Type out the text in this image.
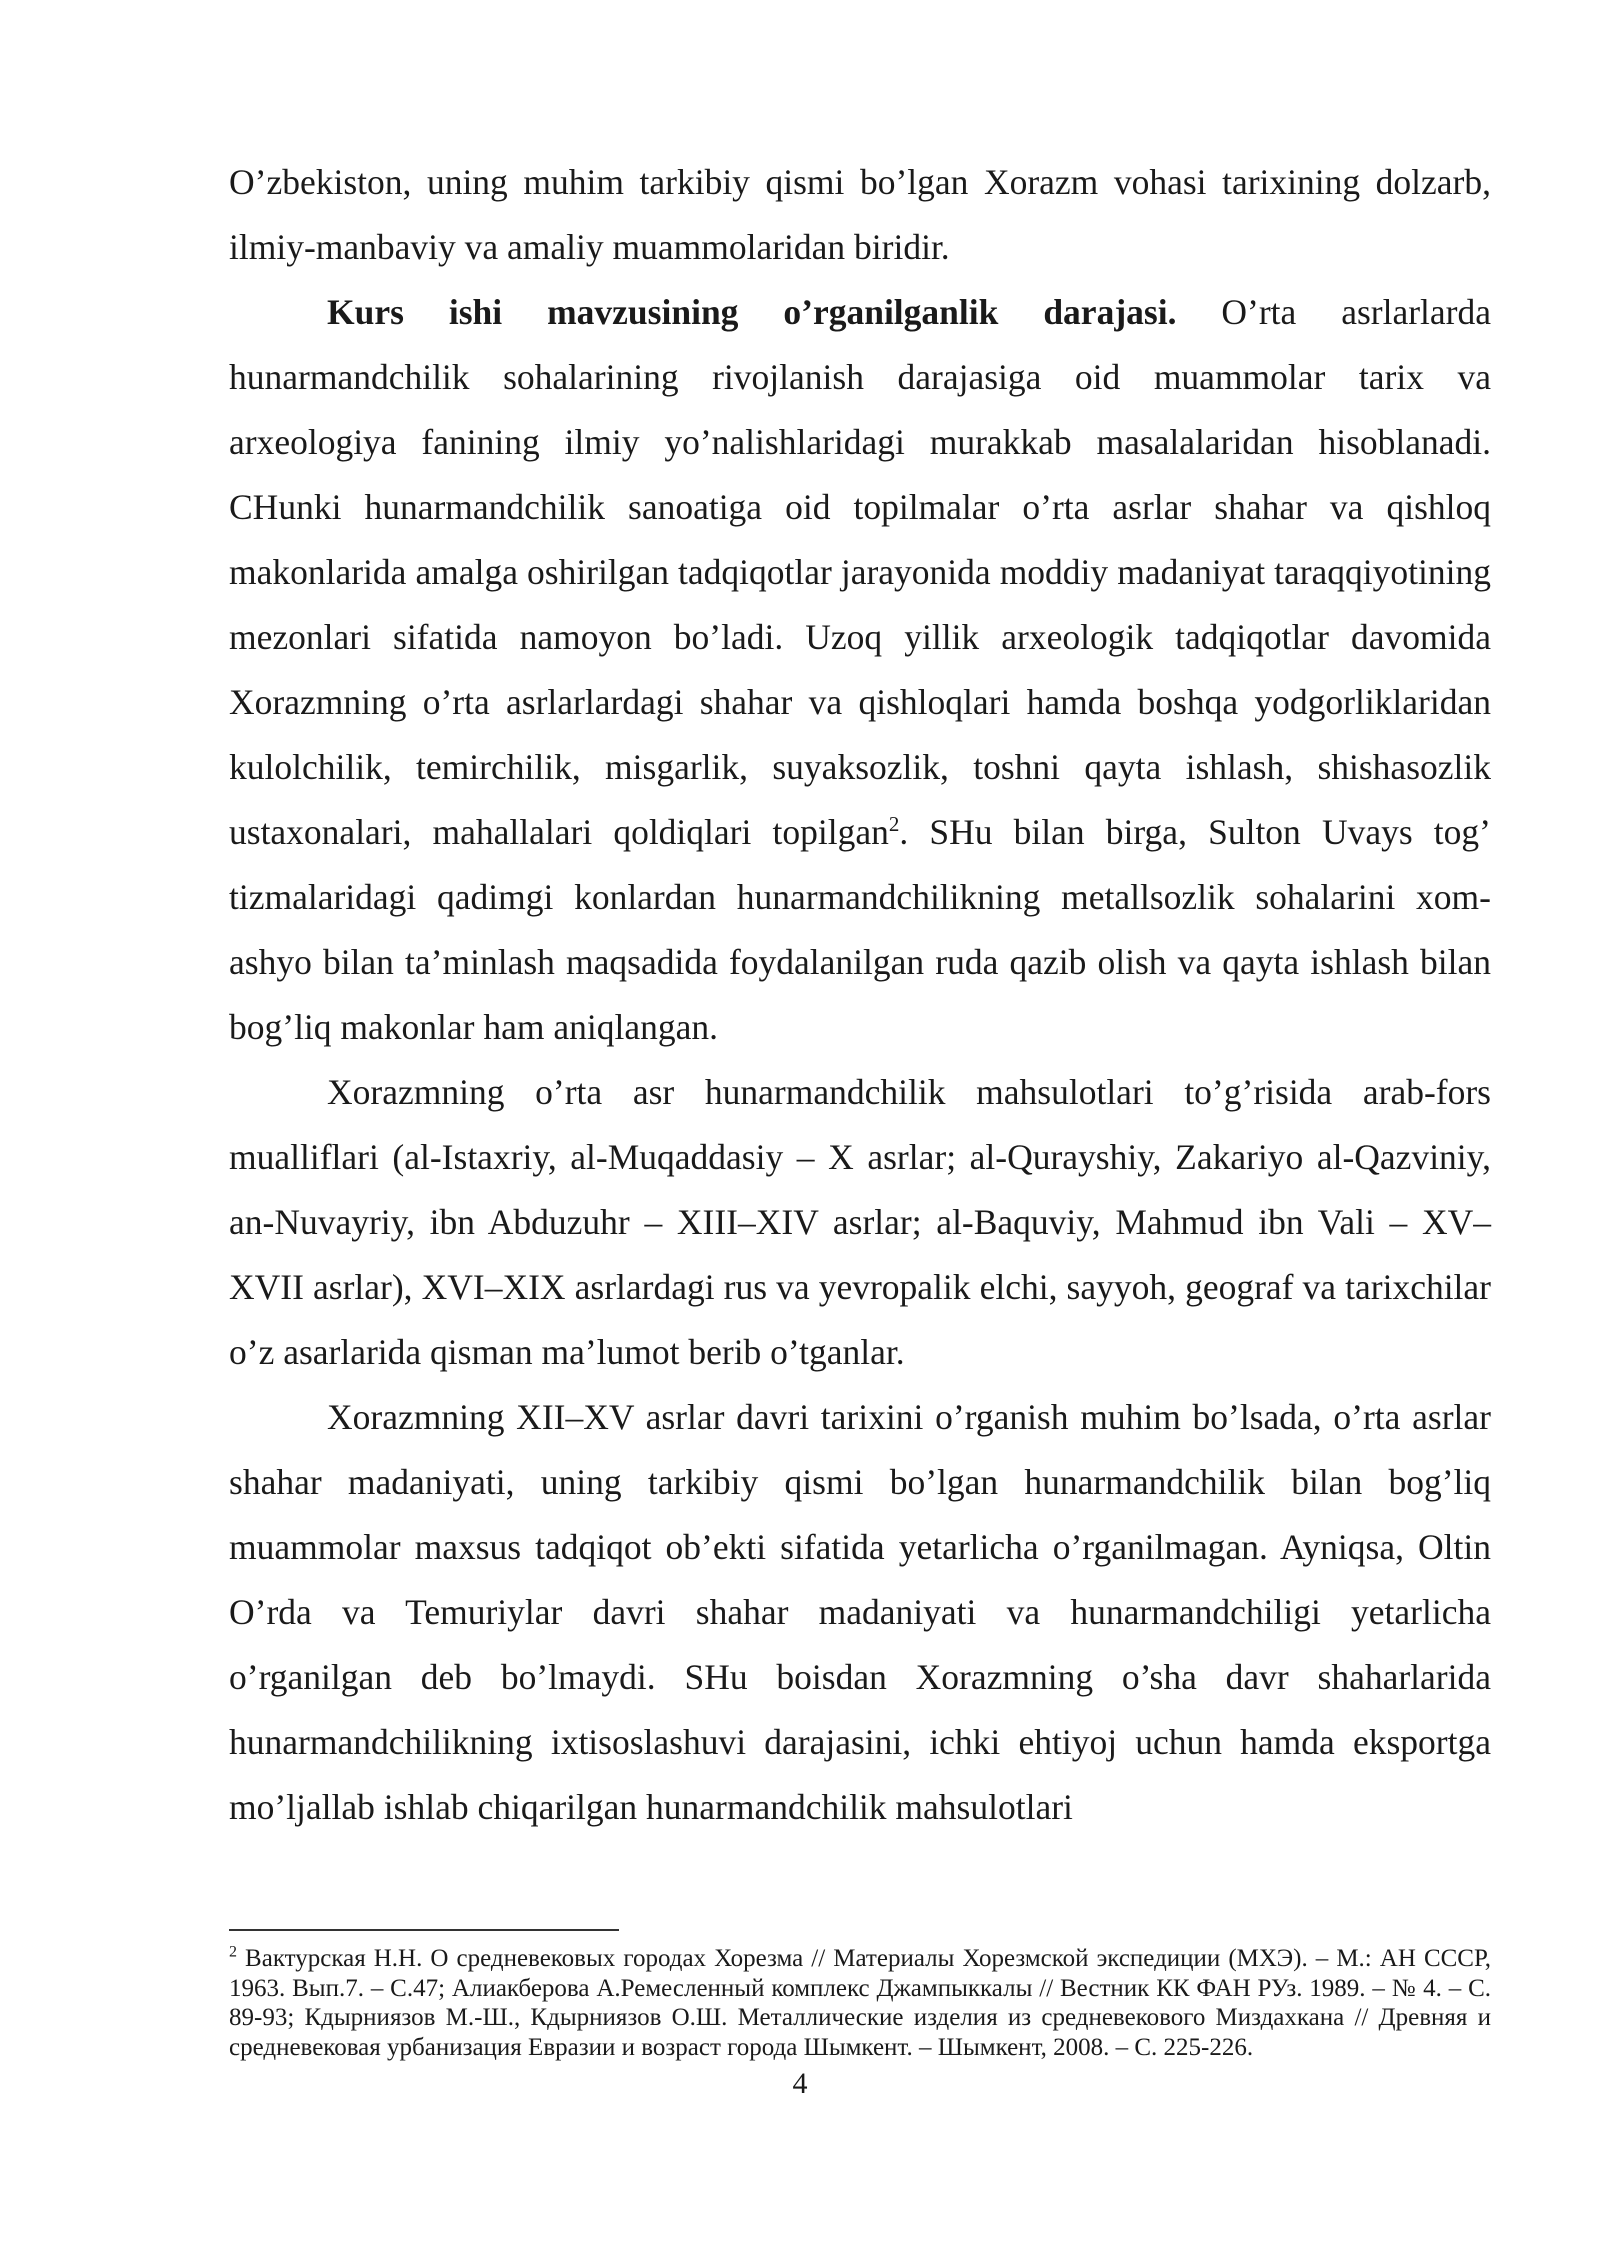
O’zbekiston, uning muhim tarkibiy qismi bo’lgan Xorazm vohasi tarixining dolzarb, ilmiy-manbaviy va amaliy muammolaridan biridir.

Kurs ishi mavzusining o’rganilganlik darajasi. O’rta asrlarlarda hunarmandchilik sohalarining rivojlanish darajasiga oid muammolar tarix va arxeologiya fanining ilmiy yo’nalishlaridagi murakkab masalalaridan hisoblanadi. CHunki hunarmandchilik sanoatiga oid topilmalar o’rta asrlar shahar va qishloq makonlarida amalga oshirilgan tadqiqotlar jarayonida moddiy madaniyat taraqqiyotining mezonlari sifatida namoyon bo’ladi. Uzoq yillik arxeologik tadqiqotlar davomida Xorazmning o’rta asrlarlardagi shahar va qishloqlari hamda boshqa yodgorliklaridan kulolchilik, temirchilik, misgarlik, suyaksozlik, toshni qayta ishlash, shishasozlik ustaxonalari, mahallalari qoldiqlari topilgan$^2$. SHu bilan birga, Sulton Uvays tog’ tizmalaridagi qadimgi konlardan hunarmandchilikning metallsozlik sohalarini xom-ashyo bilan ta’minlash maqsadida foydalanilgan ruda qazib olish va qayta ishlash bilan bog’liq makonlar ham aniqlangan.

Xorazmning o’rta asr hunarmandchilik mahsulotlari to’g’risida arab-fors mualliflari (al-Istaxriy, al-Muqaddasiy – X asrlar; al-Qurayshiy, Zakariyo al-Qazviniy, an-Nuvayriy, ibn Abduzuhr – XIII–XIV asrlar; al-Baquviy, Mahmud ibn Vali – XV–XVII asrlar), XVI–XIX asrlardagi rus va yevropalik elchi, sayyoh, geograf va tarixchilar o’z asarlarida qisman ma’lumot berib o’tganlar.

Xorazmning XII–XV asrlar davri tarixini o’rganish muhim bo’lsada, o’rta asrlar shahar madaniyati, uning tarkibiy qismi bo’lgan hunarmandchilik bilan bog’liq muammolar maxsus tadqiqot ob’ekti sifatida yetarlicha o’rganilmagan. Ayniqsa, Oltin O’rda va Temuriylar davri shahar madaniyati va hunarmandchiligi yetarlicha o’rganilgan deb bo’lmaydi. SHu boisdan Xorazmning o’sha davr shaharlarida hunarmandchilikning ixtisoslashuvi darajasini, ichki ehtiyoj uchun hamda eksportga mo’ljallab ishlab chiqarilgan hunarmandchilik mahsulotlari

$^2$ Вактурская Н.Н. О средневековых городах Хорезма // Материалы Хорезмской экспедиции (МХЭ). – М.: АН СССР, 1963. Вып.7. – С.47; Алиакберова А.Ремесленный комплекс Джампыккалы // Вестник КК ФАН РУз. 1989. – № 4. – С. 89-93; Кдырниязов М.-Ш., Кдырниязов О.Ш. Металлические изделия из средневекового Миздахкана // Древняя и средневековая урбанизация Евразии и возраст города Шымкент. – Шымкент, 2008. – С. 225-226.

4
